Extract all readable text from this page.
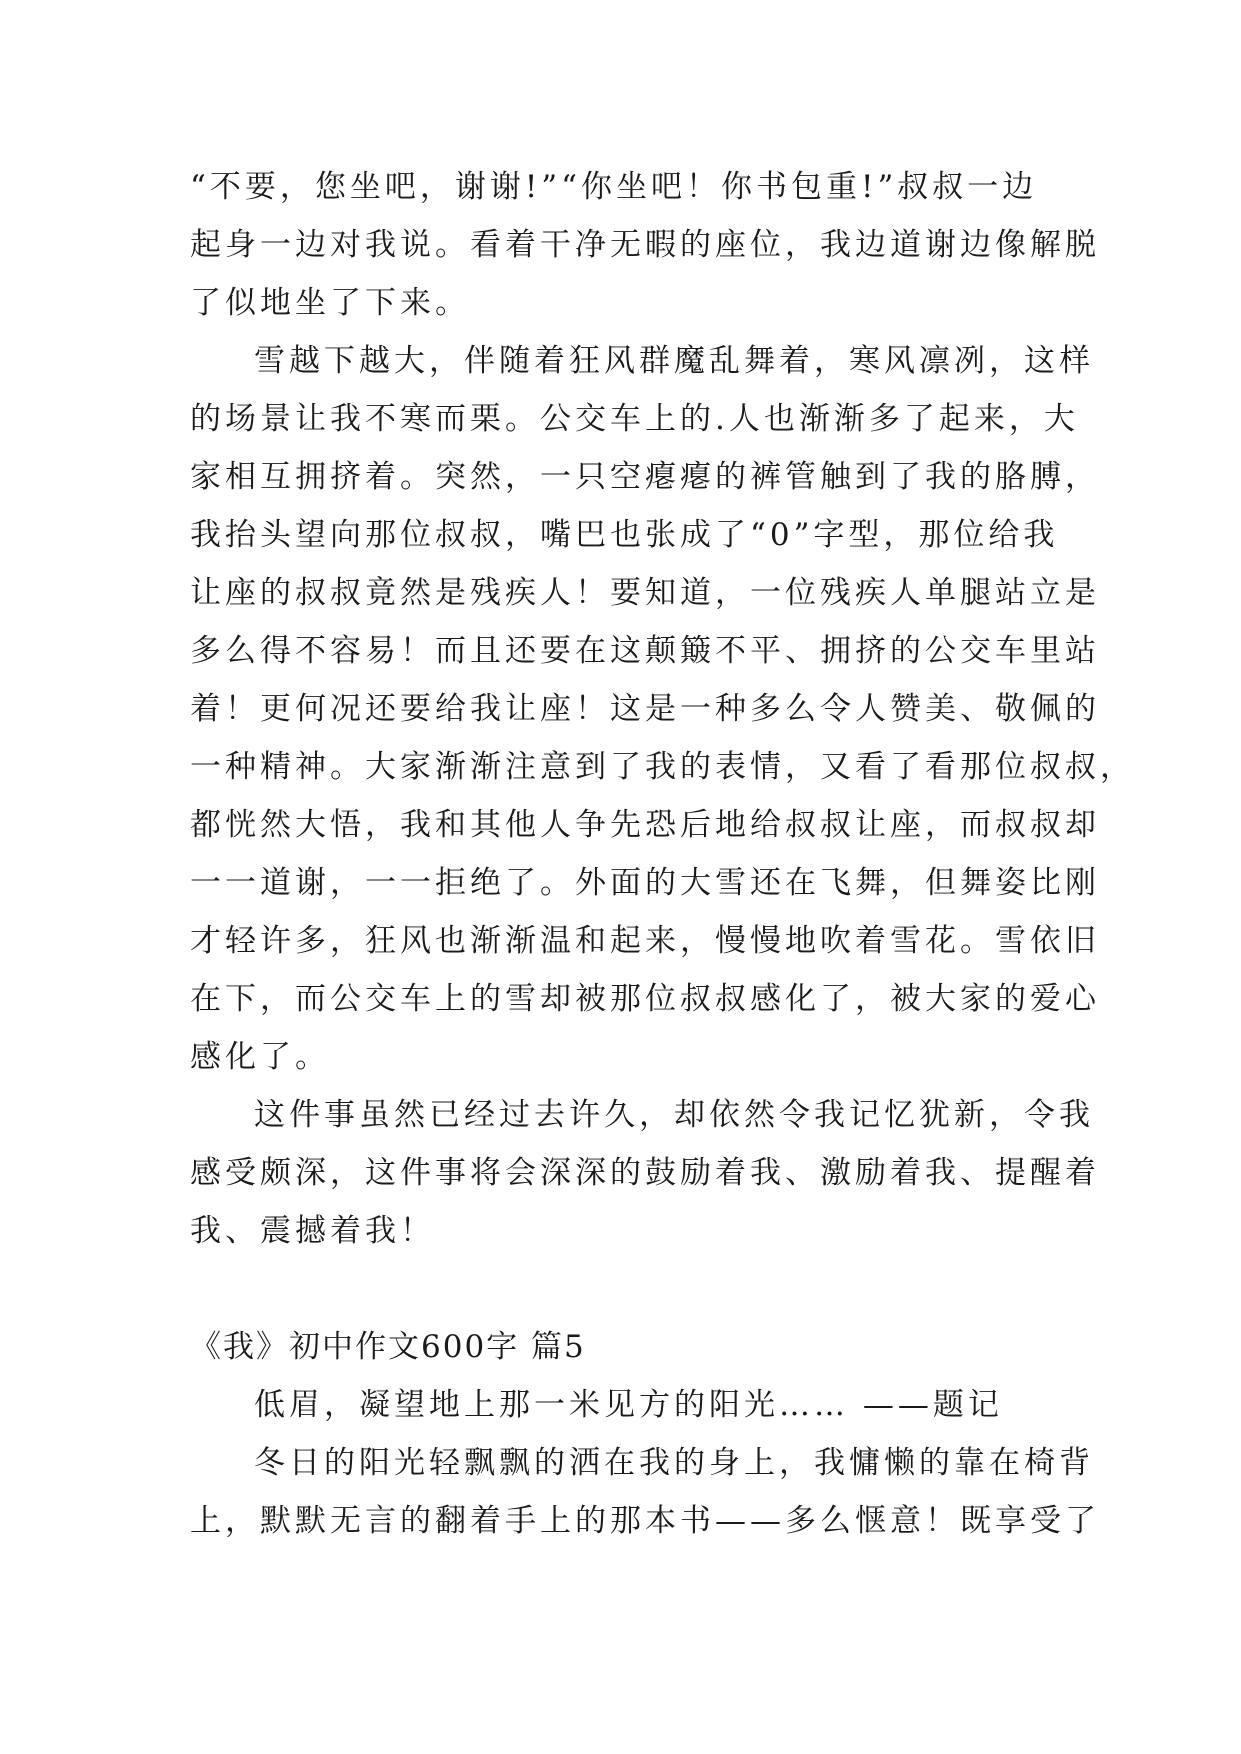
“不要，您坐吧，谢谢!”“你坐吧！你书包重!”叔叔一边
起身一边对我说。看着干净无暇的座位，我边道谢边像解脱
了似地坐了下来。
雪越下越大，伴随着狂风群魔乱舞着，寒风凛冽，这样
的场景让我不寒而栗。公交车上的.人也渐渐多了起来，大
家相互拥挤着。突然，一只空瘪瘪的裤管触到了我的胳膊，
我抬头望向那位叔叔，嘴巴也张成了“0”字型，那位给我
让座的叔叔竟然是残疾人！要知道，一位残疾人单腿站立是
多么得不容易！而且还要在这颠簸不平、拥挤的公交车里站
着！更何况还要给我让座！这是一种多么令人赞美、敬佩的
一种精神。大家渐渐注意到了我的表情，又看了看那位叔叔，
都恍然大悟，我和其他人争先恐后地给叔叔让座，而叔叔却
一一道谢，一一拒绝了。外面的大雪还在飞舞，但舞姿比刚
才轻许多，狂风也渐渐温和起来，慢慢地吹着雪花。雪依旧
在下，而公交车上的雪却被那位叔叔感化了，被大家的爱心
感化了。
这件事虽然已经过去许久，却依然令我记忆犹新，令我
感受颇深，这件事将会深深的鼓励着我、激励着我、提醒着
我、震撼着我！
《我》初中作文600字 篇5
低眉，凝望地上那一米见方的阳光…… ——题记
冬日的阳光轻飘飘的洒在我的身上，我慵懒的靠在椅背
上，默默无言的翻着手上的那本书——多么惬意！既享受了
